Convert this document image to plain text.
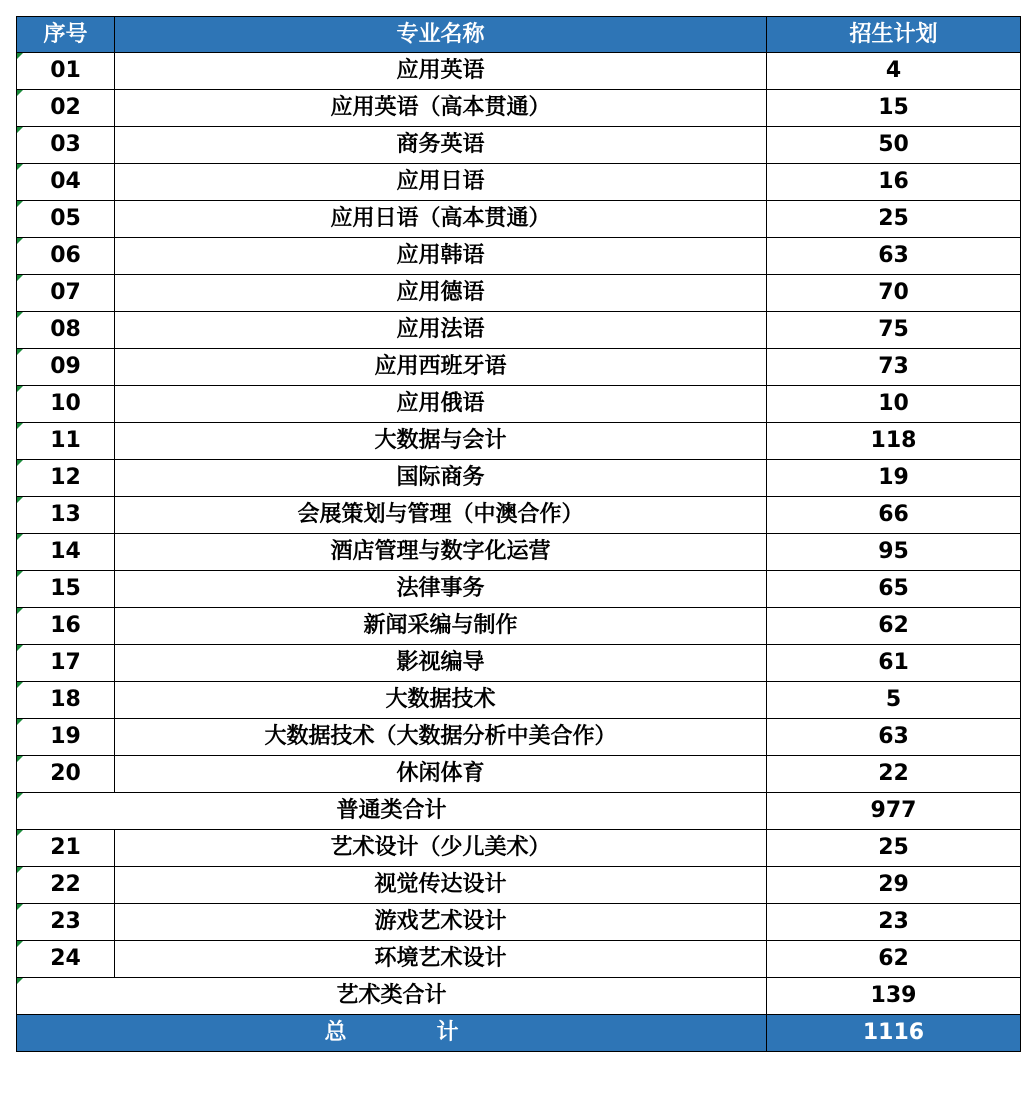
序号	专业名称	招生计划
01	应用英语	4
02	应用英语（高本贯通）	15
03	商务英语	50
04	应用日语	16
05	应用日语（高本贯通）	25
06	应用韩语	63
07	应用德语	70
08	应用法语	75
09	应用西班牙语	73
10	应用俄语	10
11	大数据与会计	118
12	国际商务	19
13	会展策划与管理（中澳合作）	66
14	酒店管理与数字化运营	95
15	法律事务	65
16	新闻采编与制作	62
17	影视编导	61
18	大数据技术	5
19	大数据技术（大数据分析中美合作）	63
20	休闲体育	22
普通类合计		977
21	艺术设计（少儿美术）	25
22	视觉传达设计	29
23	游戏艺术设计	23
24	环境艺术设计	62
艺术类合计		139
总 计		1116
